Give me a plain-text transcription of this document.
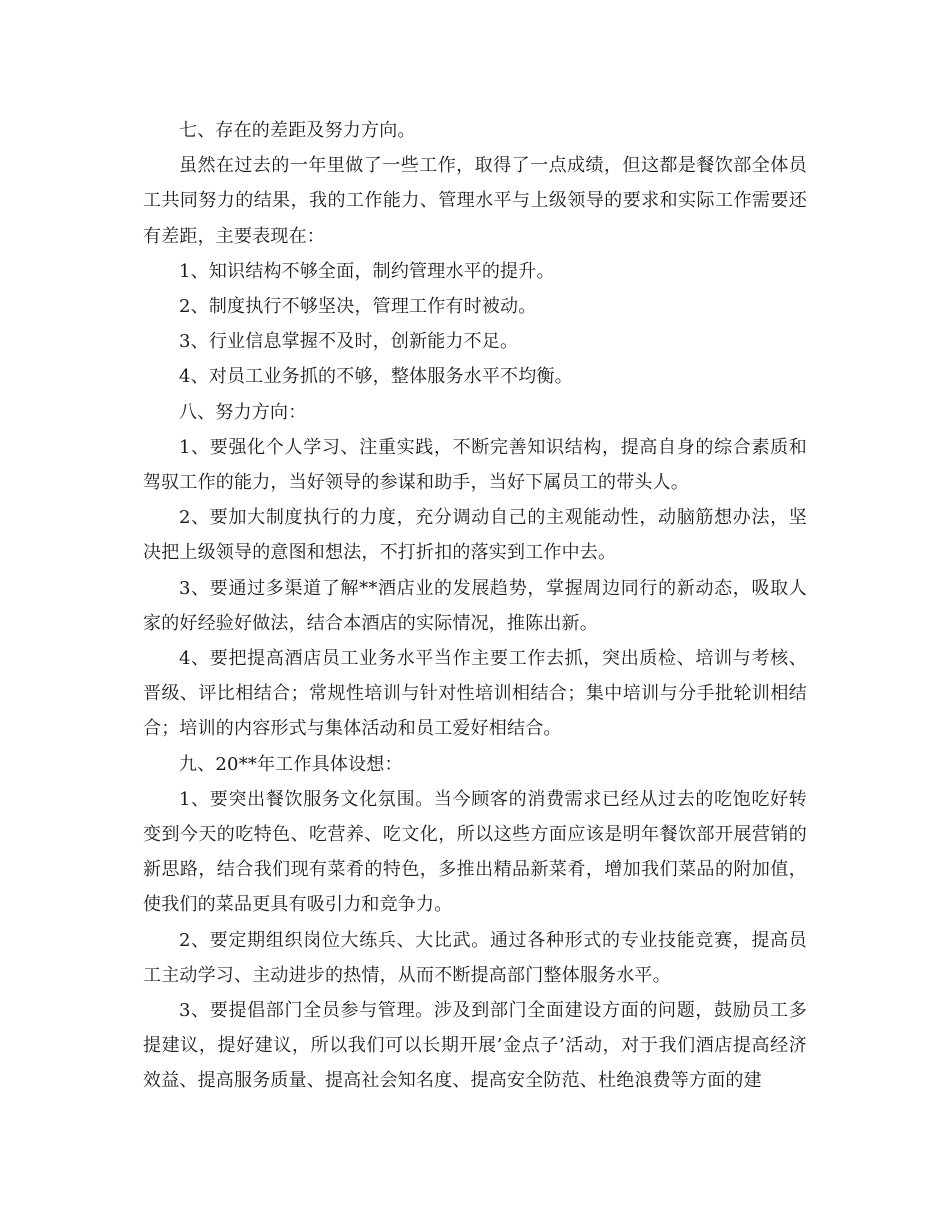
七、存在的差距及努力方向。

虽然在过去的一年里做了一些工作，取得了一点成绩，但这都是餐饮部全体员工共同努力的结果，我的工作能力、管理水平与上级领导的要求和实际工作需要还有差距，主要表现在：

1、知识结构不够全面，制约管理水平的提升。

2、制度执行不够坚决，管理工作有时被动。

3、行业信息掌握不及时，创新能力不足。

4、对员工业务抓的不够，整体服务水平不均衡。

八、努力方向：

1、要强化个人学习、注重实践，不断完善知识结构，提高自身的综合素质和驾驭工作的能力，当好领导的参谋和助手，当好下属员工的带头人。

2、要加大制度执行的力度，充分调动自己的主观能动性，动脑筋想办法，坚决把上级领导的意图和想法，不打折扣的落实到工作中去。

3、要通过多渠道了解**酒店业的发展趋势，掌握周边同行的新动态，吸取人家的好经验好做法，结合本酒店的实际情况，推陈出新。

4、要把提高酒店员工业务水平当作主要工作去抓，突出质检、培训与考核、晋级、评比相结合；常规性培训与针对性培训相结合；集中培训与分手批轮训相结合；培训的内容形式与集体活动和员工爱好相结合。

九、20**年工作具体设想：

1、要突出餐饮服务文化氛围。当今顾客的消费需求已经从过去的吃饱吃好转变到今天的吃特色、吃营养、吃文化，所以这些方面应该是明年餐饮部开展营销的新思路，结合我们现有菜肴的特色，多推出精品新菜肴，增加我们菜品的附加值，使我们的菜品更具有吸引力和竞争力。

2、要定期组织岗位大练兵、大比武。通过各种形式的专业技能竞赛，提高员工主动学习、主动进步的热情，从而不断提高部门整体服务水平。

3、要提倡部门全员参与管理。涉及到部门全面建设方面的问题，鼓励员工多提建议，提好建议，所以我们可以长期开展’金点子’活动，对于我们酒店提高经济效益、提高服务质量、提高社会知名度、提高安全防范、杜绝浪费等方面的建
